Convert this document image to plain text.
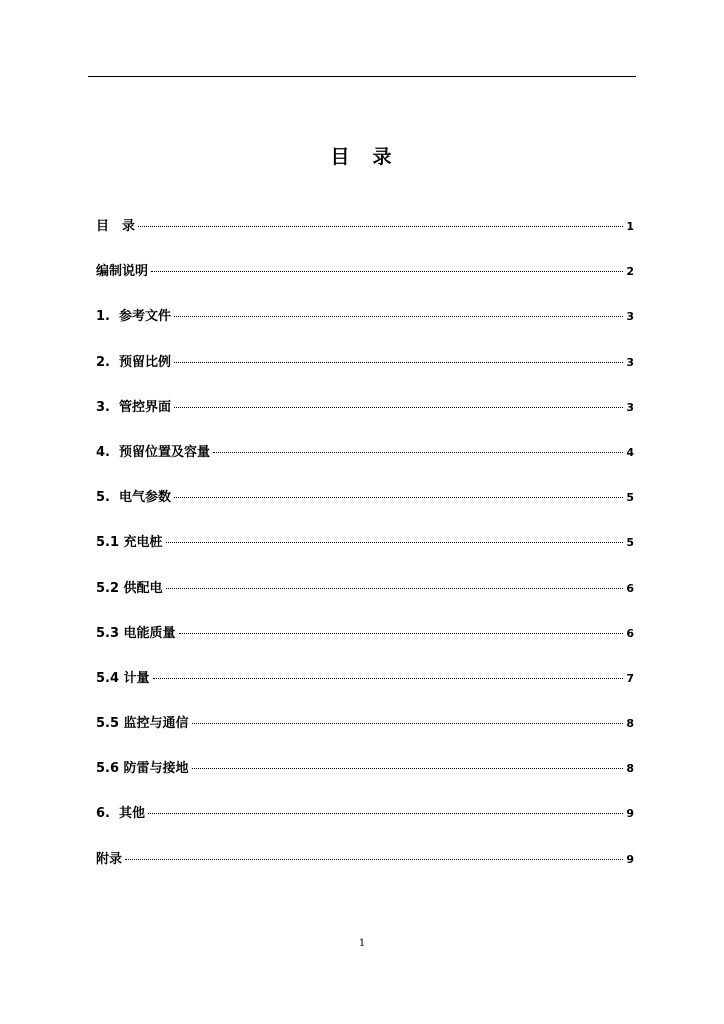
目　录
目　录	1
编制说明	2
1.  参考文件	3
2.  预留比例	3
3.  管控界面	3
4.  预留位置及容量	4
5.  电气参数	5
5.1 充电桩	5
5.2 供配电	6
5.3 电能质量	6
5.4 计量	7
5.5 监控与通信	8
5.6 防雷与接地	8
6.  其他	9
附录	9
1
